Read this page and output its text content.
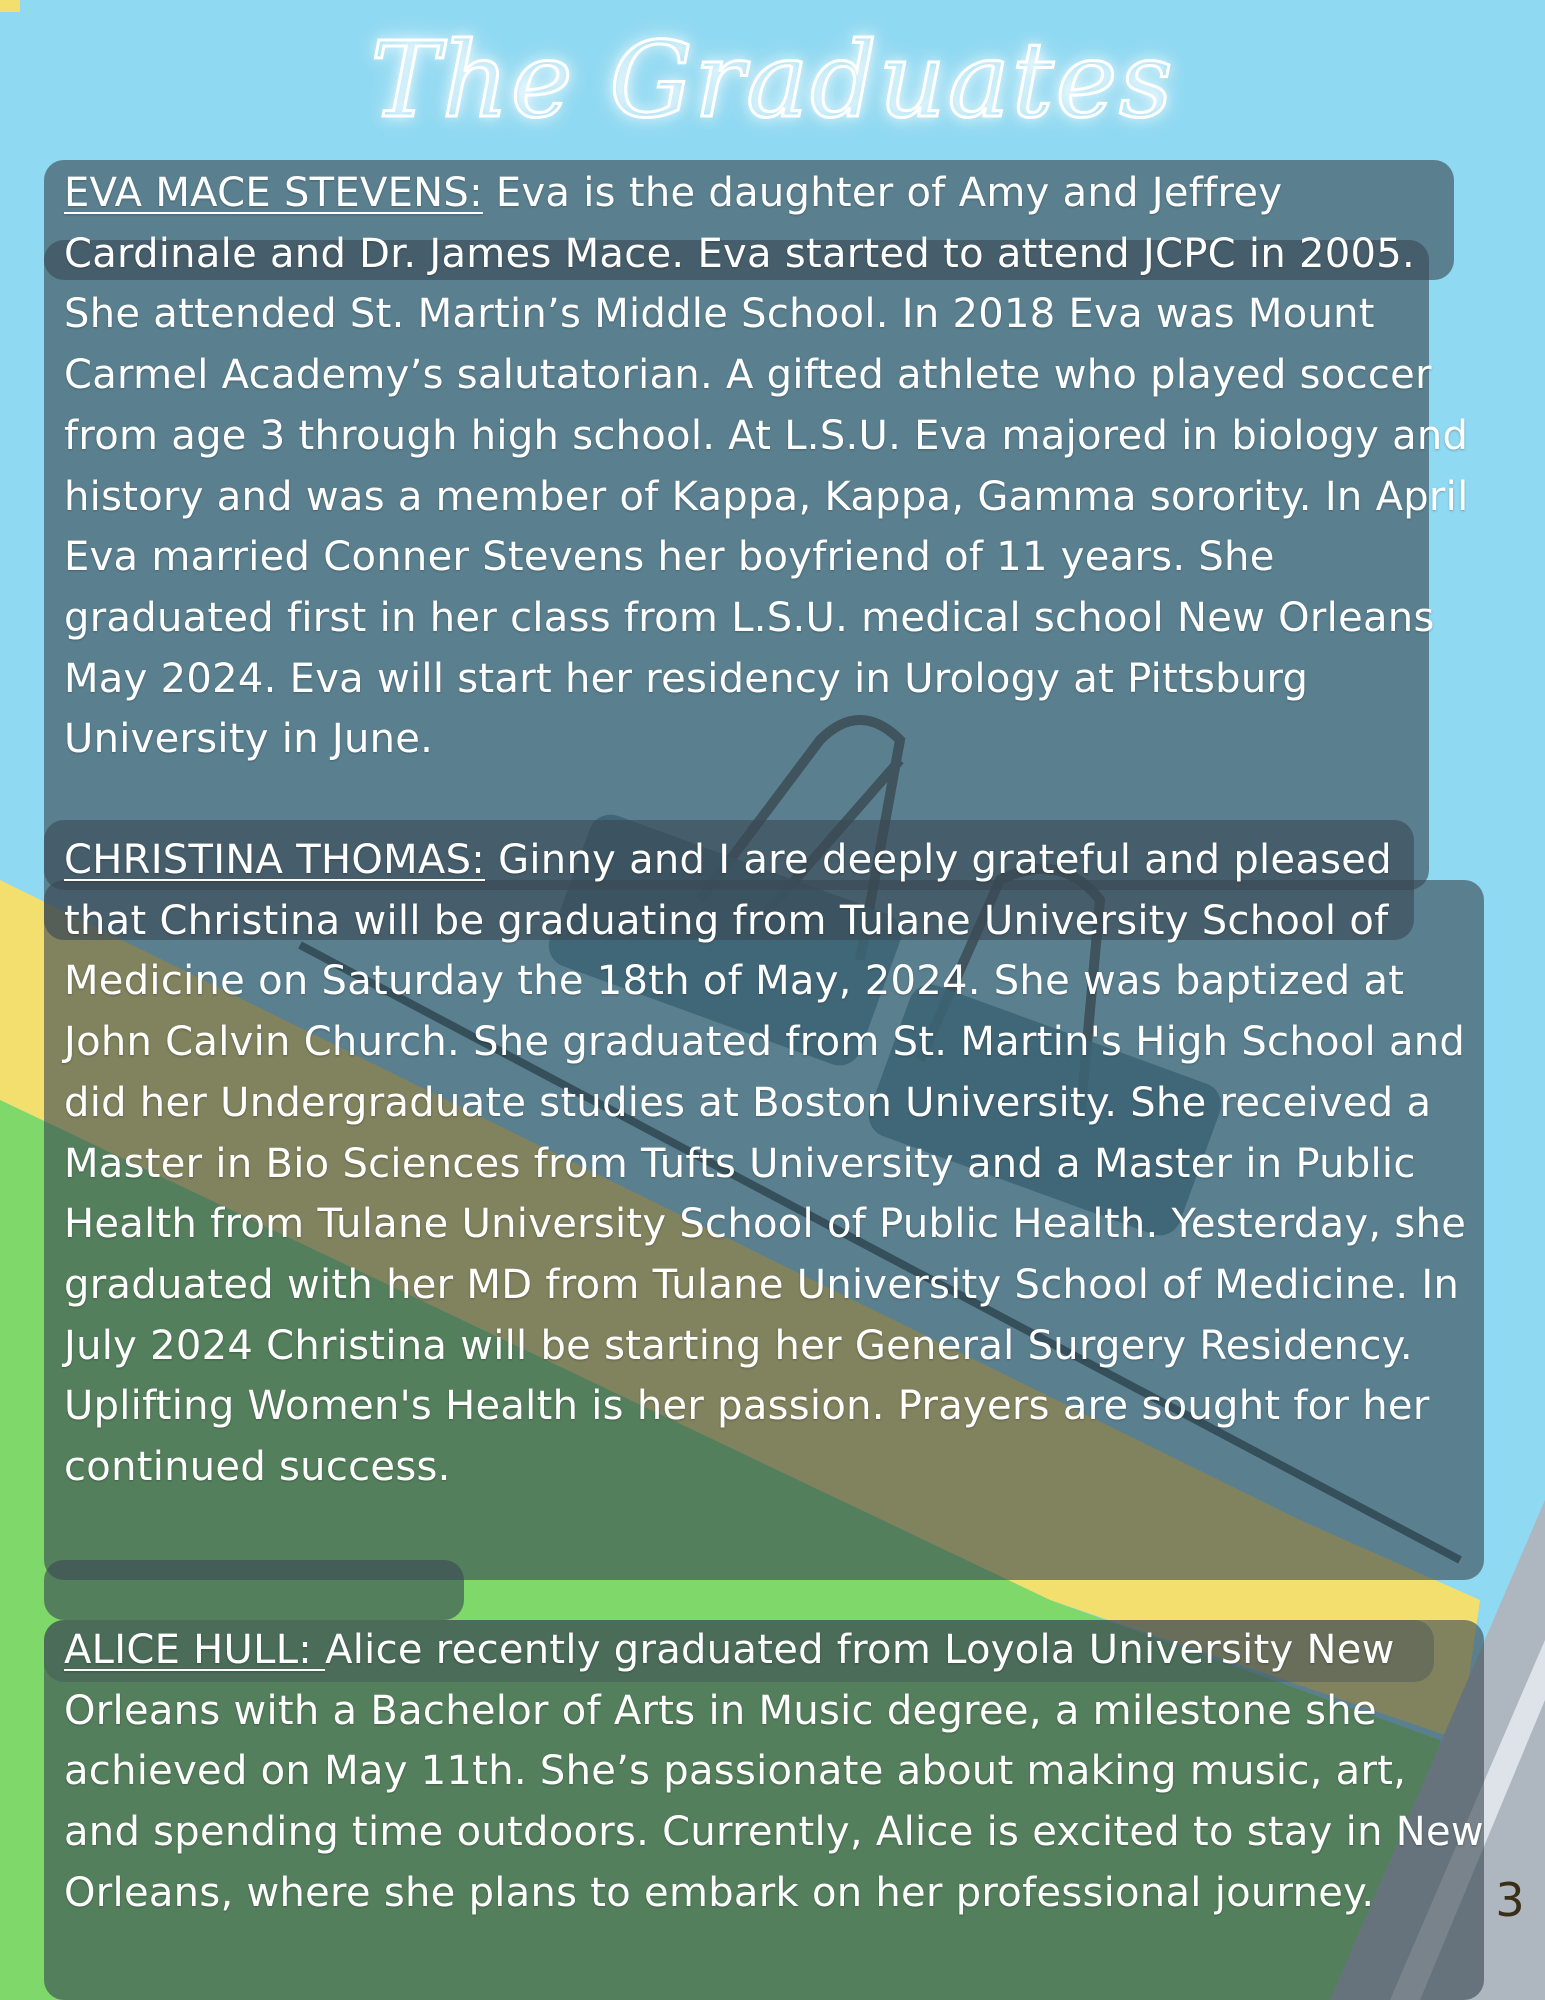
The Graduates

EVA MACE STEVENS: Eva is the daughter of Amy and Jeffrey Cardinale and Dr. James Mace. Eva started to attend JCPC in 2005. She attended St. Martin’s Middle School. In 2018 Eva was Mount Carmel Academy’s salutatorian. A gifted athlete who played soccer from age 3 through high school. At L.S.U. Eva majored in biology and history and was a member of Kappa, Kappa, Gamma sorority. In April Eva married Conner Stevens her boyfriend of 11 years. She graduated first in her class from L.S.U. medical school New Orleans May 2024. Eva will start her residency in Urology at Pittsburg University in June.

CHRISTINA THOMAS: Ginny and I are deeply grateful and pleased that Christina will be graduating from Tulane University School of Medicine on Saturday the 18th of May, 2024. She was baptized at John Calvin Church. She graduated from St. Martin's High School and did her Undergraduate studies at Boston University. She received a Master in Bio Sciences from Tufts University and a Master in Public Health from Tulane University School of Public Health. Yesterday, she graduated with her MD from Tulane University School of Medicine. In July 2024 Christina will be starting her General Surgery Residency. Uplifting Women's Health is her passion. Prayers are sought for her continued success.

ALICE HULL: Alice recently graduated from Loyola University New Orleans with a Bachelor of Arts in Music degree, a milestone she achieved on May 11th. She’s passionate about making music, art, and spending time outdoors. Currently, Alice is excited to stay in New Orleans, where she plans to embark on her professional journey.	3
